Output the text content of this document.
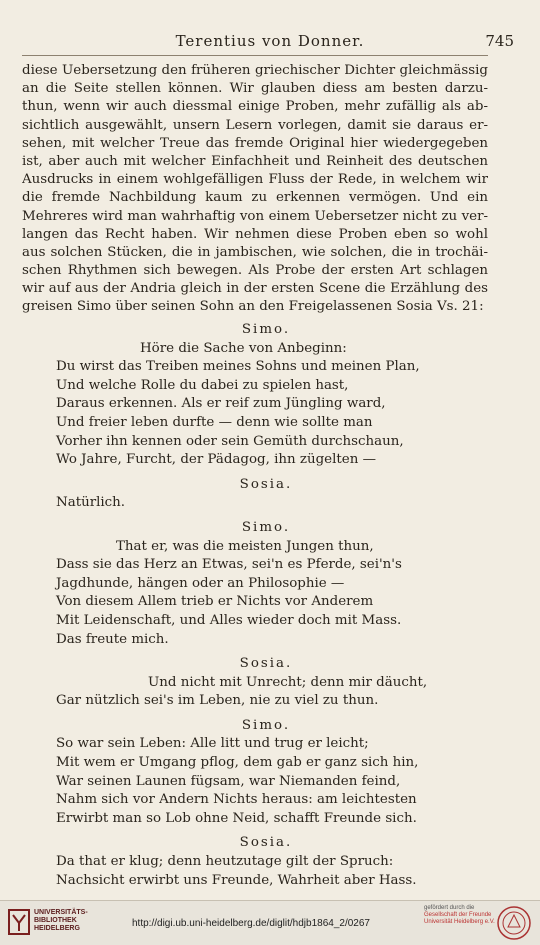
Terentius von Donner.	745
diese Uebersetzung den früheren griechischer Dichter gleichmässig
an die Seite stellen können. Wir glauben diess am besten darzu-
thun, wenn wir auch diessmal einige Proben, mehr zufällig als ab-
sichtlich ausgewählt, unsern Lesern vorlegen, damit sie daraus er-
sehen, mit welcher Treue das fremde Original hier wiedergegeben
ist, aber auch mit welcher Einfachheit und Reinheit des deutschen
Ausdrucks in einem wohlgefälligen Fluss der Rede, in welchem wir
die fremde Nachbildung kaum zu erkennen vermögen. Und ein
Mehreres wird man wahrhaftig von einem Uebersetzer nicht zu ver-
langen das Recht haben. Wir nehmen diese Proben eben so wohl
aus solchen Stücken, die in jambischen, wie solchen, die in trochäi-
schen Rhythmen sich bewegen. Als Probe der ersten Art schlagen
wir auf aus der Andria gleich in der ersten Scene die Erzählung des
greisen Simo über seinen Sohn an den Freigelassenen Sosia Vs. 21:
Simo.
Höre die Sache von Anbeginn:
Du wirst das Treiben meines Sohns und meinen Plan,
Und welche Rolle du dabei zu spielen hast,
Daraus erkennen. Als er reif zum Jüngling ward,
Und freier leben durfte — denn wie sollte man
Vorher ihn kennen oder sein Gemüth durchschaun,
Wo Jahre, Furcht, der Pädagog, ihn zügelten —
Sosia.
Natürlich.
Simo.
That er, was die meisten Jungen thun,
Dass sie das Herz an Etwas, sei'n es Pferde, sei'n's
Jagdhunde, hängen oder an Philosophie —
Von diesem Allem trieb er Nichts vor Anderem
Mit Leidenschaft, und Alles wieder doch mit Mass.
Das freute mich.
Sosia.
Und nicht mit Unrecht; denn mir däucht,
Gar nützlich sei's im Leben, nie zu viel zu thun.
Simo.
So war sein Leben: Alle litt und trug er leicht;
Mit wem er Umgang pflog, dem gab er ganz sich hin,
War seinen Launen fügsam, war Niemanden feind,
Nahm sich vor Andern Nichts heraus: am leichtesten
Erwirbt man so Lob ohne Neid, schafft Freunde sich.
Sosia.
Da that er klug; denn heutzutage gilt der Spruch:
Nachsicht erwirbt uns Freunde, Wahrheit aber Hass.
UNIVERSITÄTS-
BIBLIOTHEK
HEIDELBERG	http://digi.ub.uni-heidelberg.de/diglit/hdjb1864_2/0267
gefördert durch die
Gesellschaft der Freunde
Universität Heidelberg e.V.
